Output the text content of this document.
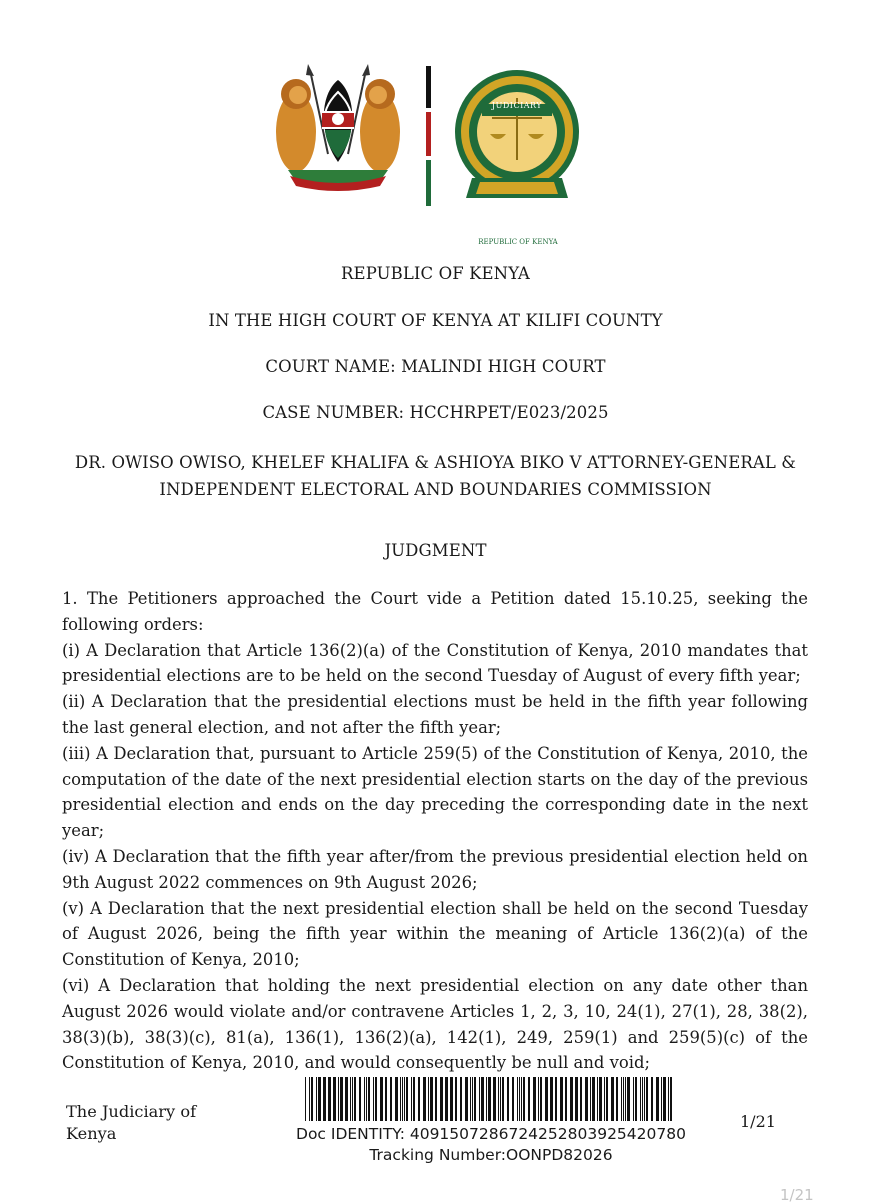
JUDICIARY
REPUBLIC OF KENYA
REPUBLIC OF KENYA
IN THE HIGH COURT OF KENYA AT KILIFI COUNTY
COURT NAME: MALINDI HIGH COURT
CASE NUMBER: HCCHRPET/E023/2025
DR. OWISO OWISO, KHELEF KHALIFA & ASHIOYA BIKO V ATTORNEY-GENERAL &
INDEPENDENT ELECTORAL AND BOUNDARIES COMMISSION
JUDGMENT

1. The Petitioners approached the Court vide a Petition dated 15.10.25, seeking the following orders:

(i) A Declaration that Article 136(2)(a) of the Constitution of Kenya, 2010 mandates that presidential elections are to be held on the second Tuesday of August of every fifth year;

(ii) A Declaration that the presidential elections must be held in the fifth year following the last general election, and not after the fifth year;

(iii) A Declaration that, pursuant to Article 259(5) of the Constitution of Kenya, 2010, the computation of the date of the next presidential election starts on the day of the previous presidential election and ends on the day preceding the corresponding date in the next year;

(iv) A Declaration that the fifth year after/from the previous presidential election held on 9th August 2022 commences on 9th August 2026;

(v) A Declaration that the next presidential election shall be held on the second Tuesday of August 2026, being the fifth year within the meaning of Article 136(2)(a) of the Constitution of Kenya, 2010;

(vi) A Declaration that holding the next presidential election on any date other than August 2026 would violate and/or contravene Articles 1, 2, 3, 10, 24(1), 27(1), 28, 38(2), 38(3)(b), 38(3)(c), 81(a), 136(1), 136(2)(a), 142(1), 249, 259(1) and 259(5)(c) of the Constitution of Kenya, 2010, and would consequently be null and void;

The Judiciary of
Kenya	Doc IDENTITY: 40915072867242528039254207​80
Tracking Number:OONPD82026
1/21
1/21
